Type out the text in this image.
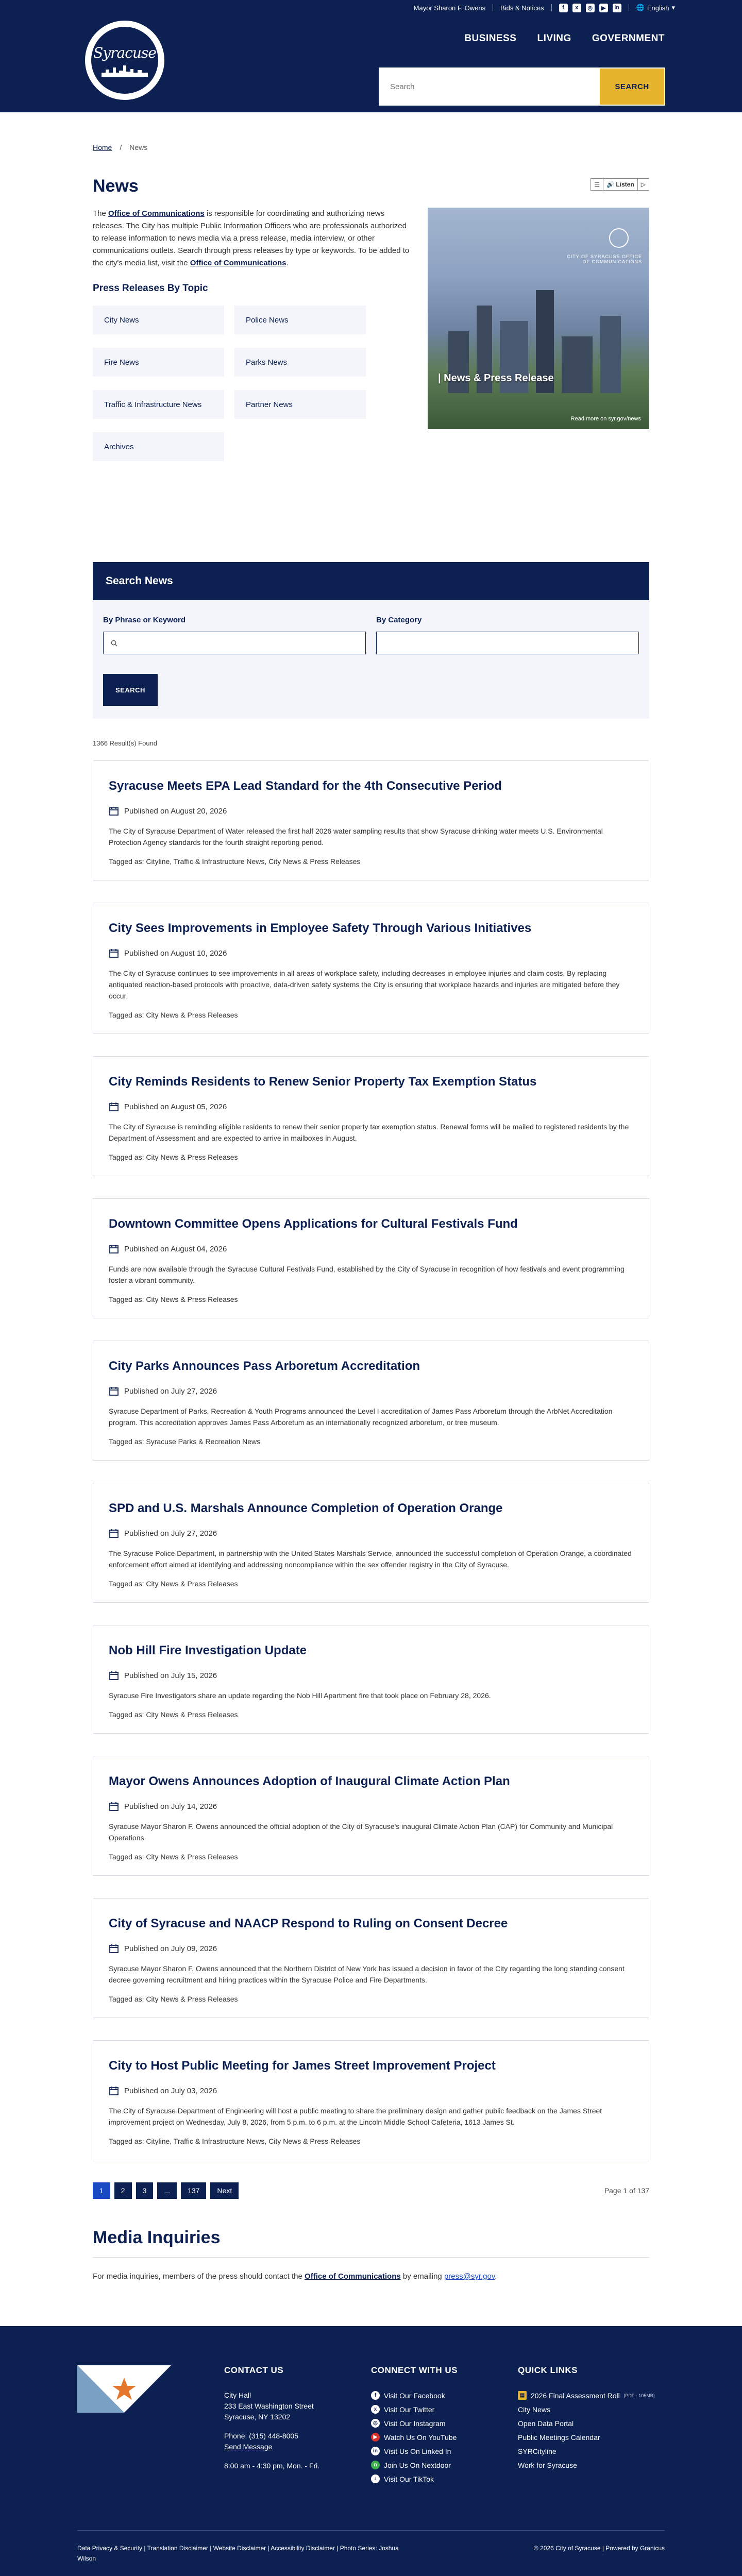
Mayor Sharon F. Owens Bids & Notices	f	x	◎	▶	in	🌐 English ▾
Syracuse
BUSINESS LIVING GOVERNMENT
Search
SEARCH
Home / News
News	☰	🔊 Listen	▷

The Office of Communications is responsible for coordinating and authorizing news releases. The City has multiple Public Information Officers who are professionals authorized to release information to news media via a press release, media interview, or other communications outlets. Search through press releases by type or keywords. To be added to the city's media list, visit the Office of Communications.

Press Releases By Topic
City News	Police News
Fire News	Parks News
Traffic & Infrastructure News	Partner News
Archives
CITY OF SYRACUSE OFFICE OF COMMUNICATIONS
| News & Press Release
Read more on syr.gov/news
Search News
By Phrase or Keyword	By Category
SEARCH
1366 Result(s) Found
Syracuse Meets EPA Lead Standard for the 4th Consecutive Period
Published on August 20, 2026

The City of Syracuse Department of Water released the first half 2026 water sampling results that show Syracuse drinking water meets U.S. Environmental Protection Agency standards for the fourth straight reporting period.

Tagged as: Cityline, Traffic & Infrastructure News, City News & Press Releases

City Sees Improvements in Employee Safety Through Various Initiatives
Published on August 10, 2026

The City of Syracuse continues to see improvements in all areas of workplace safety, including decreases in employee injuries and claim costs. By replacing antiquated reaction-based protocols with proactive, data-driven safety systems the City is ensuring that workplace hazards and injuries are mitigated before they occur.

Tagged as: City News & Press Releases

City Reminds Residents to Renew Senior Property Tax Exemption Status
Published on August 05, 2026

The City of Syracuse is reminding eligible residents to renew their senior property tax exemption status. Renewal forms will be mailed to registered residents by the Department of Assessment and are expected to arrive in mailboxes in August.

Tagged as: City News & Press Releases

Downtown Committee Opens Applications for Cultural Festivals Fund
Published on August 04, 2026

Funds are now available through the Syracuse Cultural Festivals Fund, established by the City of Syracuse in recognition of how festivals and event programming foster a vibrant community.

Tagged as: City News & Press Releases

City Parks Announces Pass Arboretum Accreditation
Published on July 27, 2026

Syracuse Department of Parks, Recreation & Youth Programs announced the Level I accreditation of James Pass Arboretum through the ArbNet Accreditation program. This accreditation approves James Pass Arboretum as an internationally recognized arboretum, or tree museum.

Tagged as: Syracuse Parks & Recreation News

SPD and U.S. Marshals Announce Completion of Operation Orange
Published on July 27, 2026

The Syracuse Police Department, in partnership with the United States Marshals Service, announced the successful completion of Operation Orange, a coordinated enforcement effort aimed at identifying and addressing noncompliance within the sex offender registry in the City of Syracuse.

Tagged as: City News & Press Releases

Nob Hill Fire Investigation Update
Published on July 15, 2026

Syracuse Fire Investigators share an update regarding the Nob Hill Apartment fire that took place on February 28, 2026.

Tagged as: City News & Press Releases

Mayor Owens Announces Adoption of Inaugural Climate Action Plan
Published on July 14, 2026

Syracuse Mayor Sharon F. Owens announced the official adoption of the City of Syracuse's inaugural Climate Action Plan (CAP) for Community and Municipal Operations.

Tagged as: City News & Press Releases

City of Syracuse and NAACP Respond to Ruling on Consent Decree
Published on July 09, 2026

Syracuse Mayor Sharon F. Owens announced that the Northern District of New York has issued a decision in favor of the City regarding the long standing consent decree governing recruitment and hiring practices within the Syracuse Police and Fire Departments.

Tagged as: City News & Press Releases

City to Host Public Meeting for James Street Improvement Project
Published on July 03, 2026

The City of Syracuse Department of Engineering will host a public meeting to share the preliminary design and gather public feedback on the James Street improvement project on Wednesday, July 8, 2026, from 5 p.m. to 6 p.m. at the Lincoln Middle School Cafeteria, 1613 James St.

Tagged as: Cityline, Traffic & Infrastructure News, City News & Press Releases

1	2	3	...	137	Next	Page 1 of 137
Media Inquiries

For media inquiries, members of the press should contact the Office of Communications by emailing press@syr.gov.

CONTACT US
City Hall
233 East Washington Street
Syracuse, NY 13202
Phone: (315) 448-8005
Send Message
8:00 am - 4:30 pm, Mon. - Fri.
CONNECT WITH US
f	Visit Our Facebook
x Visit Our Twitter
◎ Visit Our Instagram
▶ Watch Us On YouTube
in Visit Us On Linked In
n Join Us On Nextdoor
♪	Visit Our TikTok
QUICK LINKS
▤ 2026 Final Assessment Roll [PDF - 105MB]
City News
Open Data Portal
Public Meetings Calendar
SYRCityline
Work for Syracuse
Data Privacy & Security | Translation Disclaimer | Website Disclaimer | Accessibility Disclaimer | Photo Series: Joshua Wilson
© 2026 City of Syracuse | Powered by Granicus
